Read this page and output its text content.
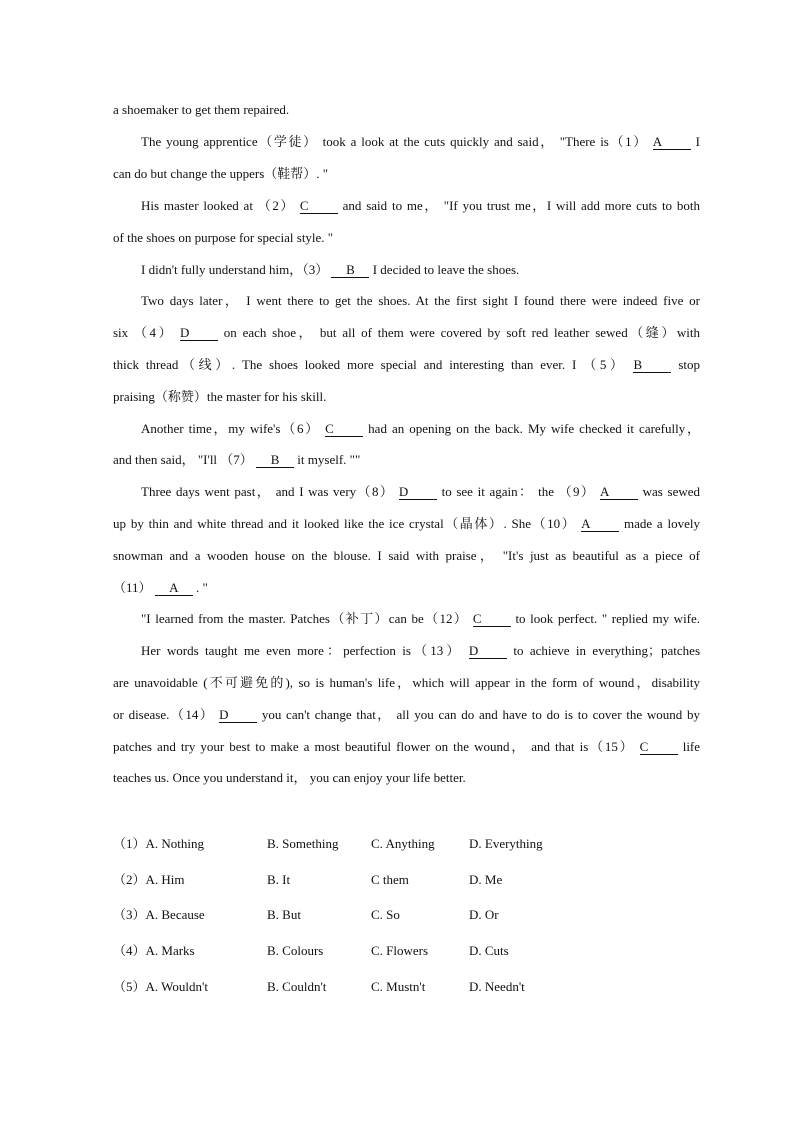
a shoemaker to get them repaired.
The young apprentice（学徒） took a look at the cuts quickly and said， "There is（1） A	I
can do but change the uppers（鞋帮）. "
His master looked at （2） C	and said to me， "If you trust me，I will add more cuts to both
of the shoes on purpose for special style. "
I didn't fully understand him，（3） B I decided to leave the shoes.
Two days later， I went there to get the shoes. At the first sight I found there were indeed five or
six （4） D	on each shoe， but all of them were covered by soft red leather sewed（缝）with
thick thread（线）. The shoes looked more special and interesting than ever. I （5） B	stop
praising（称赞）the master for his skill.
Another time，my wife's（6） C	had an opening on the back. My wife checked it carefully，
and then said， "I'll （7） B it myself. ""
Three days went past， and I was very（8） D	to see it again： the （9） A	was sewed
up by thin and white thread and it looked like the ice crystal（晶体）. She（10） A	made a lovely
snowman and a wooden house on the blouse. I said with praise， "It's just as beautiful as a piece of
（11） A . "
"I learned from the master. Patches（补丁）can be（12） C	to look perfect. " replied my wife.
Her words taught me even more：perfection is（13） D	to achieve in everything；patches
are unavoidable (不可避免的), so is human's life，which will appear in the form of wound，disability
or disease.（14） D	you can't change that， all you can do and have to do is to cover the wound by
patches and try your best to make a most beautiful flower on the wound， and that is（15） C	life
teaches us. Once you understand it， you can enjoy your life better.
（1）A. Nothing	B. Something C. Anything	D. Everything
（2）A. Him	B. It	C them	D. Me
（3）A. Because	B. But	C. So	D. Or
（4）A. Marks	B. Colours	C. Flowers	D. Cuts
（5）A. Wouldn't	B. Couldn't	C. Mustn't	D. Needn't
